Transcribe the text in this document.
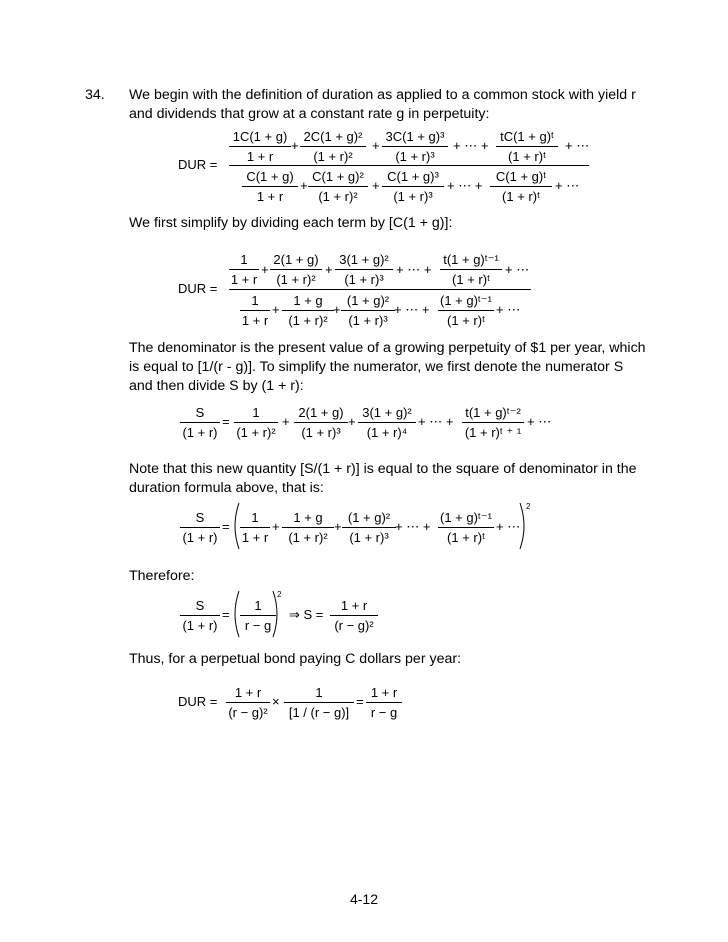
34. We begin with the definition of duration as applied to a common stock with yield r and dividends that grow at a constant rate g in perpetuity:

DUR =
1C(1 + g)
1 + r
+
2C(1 + g)²
(1 + r)²
+
3C(1 + g)³
(1 + r)³
+ ⋯ +
tC(1 + g)ᵗ
(1 + r)ᵗ
+ ⋯
C(1 + g)
1 + r
+
C(1 + g)²
(1 + r)²
+
C(1 + g)³
(1 + r)³
+ ⋯ +
C(1 + g)ᵗ
(1 + r)ᵗ
+ ⋯

We first simplify by dividing each term by [C(1 + g)]:

DUR =
1
1 + r
+
2(1 + g)
(1 + r)²
+
3(1 + g)²
(1 + r)³
+ ⋯ +
t(1 + g)ᵗ⁻¹
(1 + r)ᵗ
+ ⋯
1
1 + r
+
1 + g
(1 + r)²
+
(1 + g)²
(1 + r)³
+ ⋯ +
(1 + g)ᵗ⁻¹
(1 + r)ᵗ
+ ⋯

The denominator is the present value of a growing perpetuity of $1 per year, which is equal to [1/(r - g)]. To simplify the numerator, we first denote the numerator S and then divide S by (1 + r):

S
(1 + r)
=
1
(1 + r)²
+
2(1 + g)
(1 + r)³
+
3(1 + g)²
(1 + r)⁴
+ ⋯ +
t(1 + g)ᵗ⁻²
(1 + r)ᵗ ⁺ ¹
+ ⋯

Note that this new quantity [S/(1 + r)] is equal to the square of denominator in the duration formula above, that is:

S
(1 + r)
=
1
1 + r
+
1 + g
(1 + r)²
+
(1 + g)²
(1 + r)³
+ ⋯ +
(1 + g)ᵗ⁻¹
(1 + r)ᵗ
+ ⋯
2

Therefore:

S
(1 + r)
=
1
r − g
2
⇒ S =
1 + r
(r − g)²

Thus, for a perpetual bond paying C dollars per year:

DUR =
1 + r
(r − g)²
×
1
[1 / (r − g)]
=
1 + r
r − g
4-12
